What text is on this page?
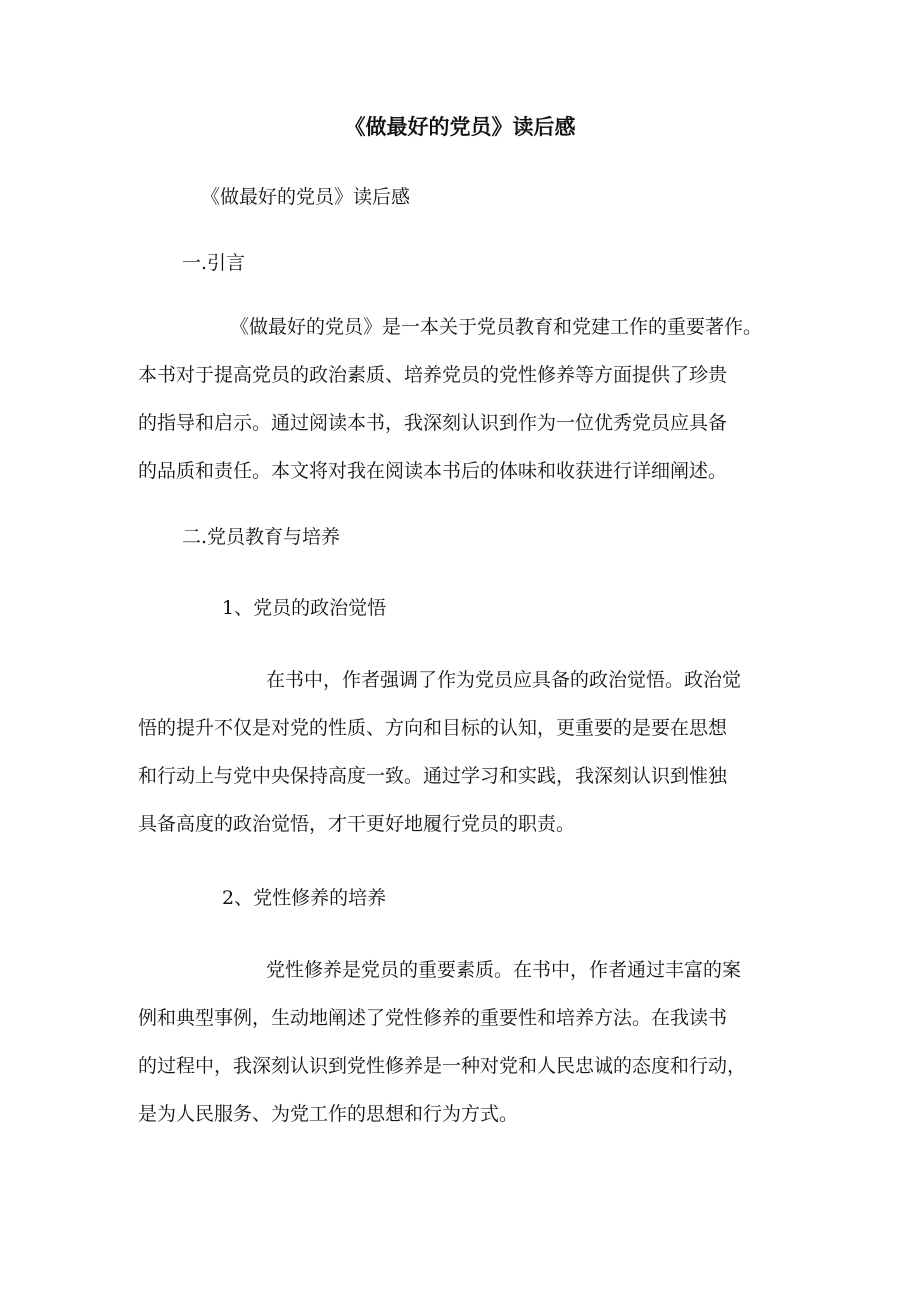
《做最好的党员》读后感
《做最好的党员》读后感
一.引言
《做最好的党员》是一本关于党员教育和党建工作的重要著作。
本书对于提高党员的政治素质、培养党员的党性修养等方面提供了珍贵
的指导和启示。通过阅读本书，我深刻认识到作为一位优秀党员应具备
的品质和责任。本文将对我在阅读本书后的体味和收获进行详细阐述。
二.党员教育与培养
1、党员的政治觉悟
在书中，作者强调了作为党员应具备的政治觉悟。政治觉
悟的提升不仅是对党的性质、方向和目标的认知，更重要的是要在思想
和行动上与党中央保持高度一致。通过学习和实践，我深刻认识到惟独
具备高度的政治觉悟，才干更好地履行党员的职责。
2、党性修养的培养
党性修养是党员的重要素质。在书中，作者通过丰富的案
例和典型事例，生动地阐述了党性修养的重要性和培养方法。在我读书
的过程中，我深刻认识到党性修养是一种对党和人民忠诚的态度和行动，
是为人民服务、为党工作的思想和行为方式。
